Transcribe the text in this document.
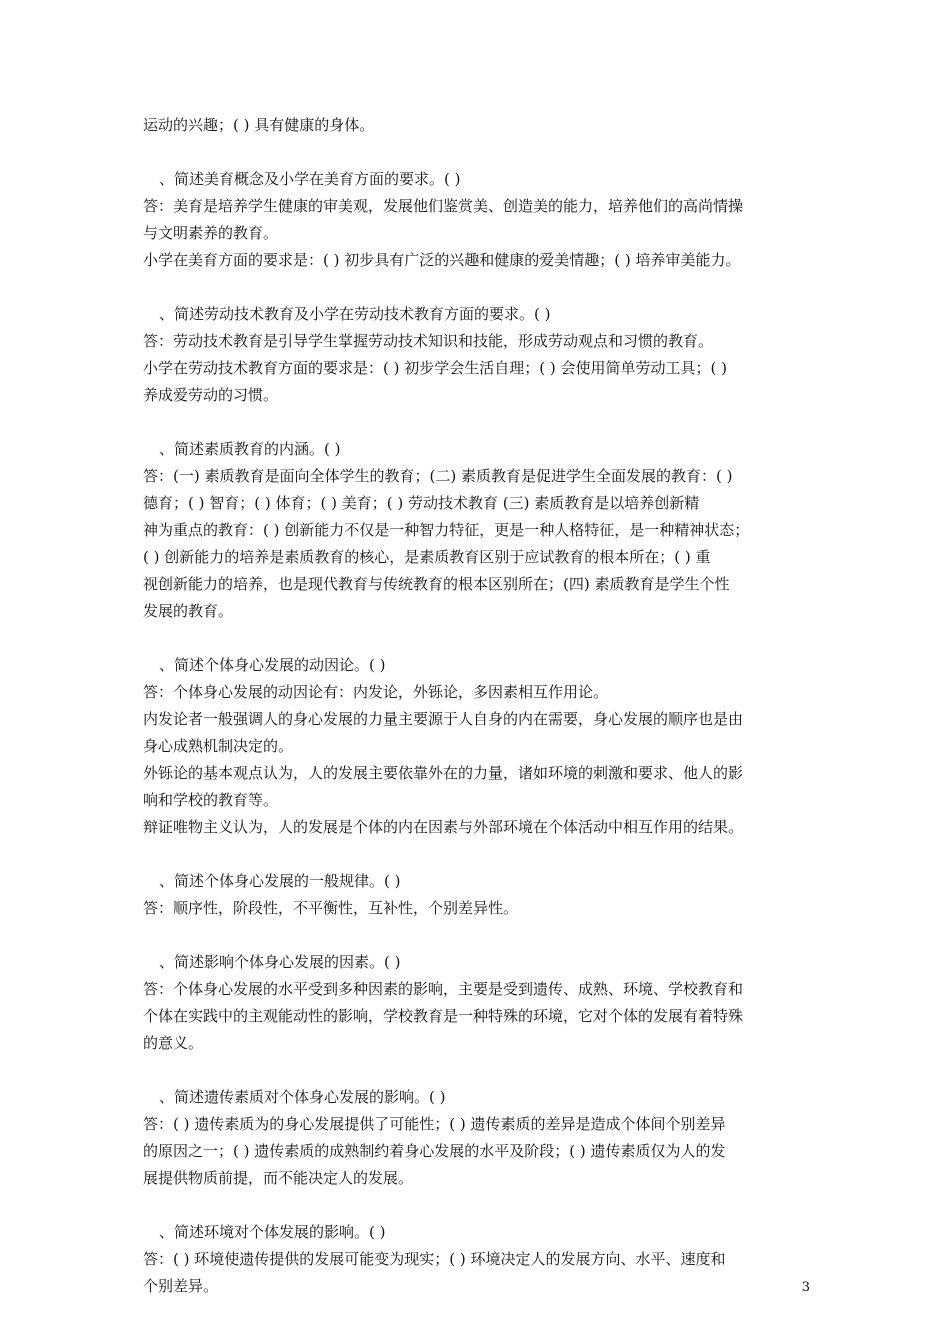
运动的兴趣；( ) 具有健康的身体。
、简述美育概念及小学在美育方面的要求。( )
答：美育是培养学生健康的审美观，发展他们鉴赏美、创造美的能力，培养他们的高尚情操
与文明素养的教育。
小学在美育方面的要求是：( ) 初步具有广泛的兴趣和健康的爱美情趣；( ) 培养审美能力。
、简述劳动技术教育及小学在劳动技术教育方面的要求。( )
答：劳动技术教育是引导学生掌握劳动技术知识和技能，形成劳动观点和习惯的教育。
小学在劳动技术教育方面的要求是：( ) 初步学会生活自理；( ) 会使用简单劳动工具；( )
养成爱劳动的习惯。
、简述素质教育的内涵。( )
答：(一) 素质教育是面向全体学生的教育；(二) 素质教育是促进学生全面发展的教育：( )
德育；( ) 智育；( ) 体育；( ) 美育；( ) 劳动技术教育 (三) 素质教育是以培养创新精
神为重点的教育：( ) 创新能力不仅是一种智力特征，更是一种人格特征，是一种精神状态；
( ) 创新能力的培养是素质教育的核心，是素质教育区别于应试教育的根本所在；( ) 重
视创新能力的培养，也是现代教育与传统教育的根本区别所在；(四) 素质教育是学生个性
发展的教育。
、简述个体身心发展的动因论。( )
答：个体身心发展的动因论有：内发论，外铄论，多因素相互作用论。
内发论者一般强调人的身心发展的力量主要源于人自身的内在需要，身心发展的顺序也是由
身心成熟机制决定的。
外铄论的基本观点认为，人的发展主要依靠外在的力量，诸如环境的刺激和要求、他人的影
响和学校的教育等。
辩证唯物主义认为，人的发展是个体的内在因素与外部环境在个体活动中相互作用的结果。
、简述个体身心发展的一般规律。( )
答：顺序性，阶段性，不平衡性，互补性，个别差异性。
、简述影响个体身心发展的因素。( )
答：个体身心发展的水平受到多种因素的影响，主要是受到遗传、成熟、环境、学校教育和
个体在实践中的主观能动性的影响，学校教育是一种特殊的环境，它对个体的发展有着特殊
的意义。
、简述遗传素质对个体身心发展的影响。( )
答：( ) 遗传素质为的身心发展提供了可能性；( ) 遗传素质的差异是造成个体间个别差异
的原因之一；( ) 遗传素质的成熟制约着身心发展的水平及阶段；( ) 遗传素质仅为人的发
展提供物质前提，而不能决定人的发展。
、简述环境对个体发展的影响。( )
答：( ) 环境使遗传提供的发展可能变为现实；( ) 环境决定人的发展方向、水平、速度和
个别差异。	3
